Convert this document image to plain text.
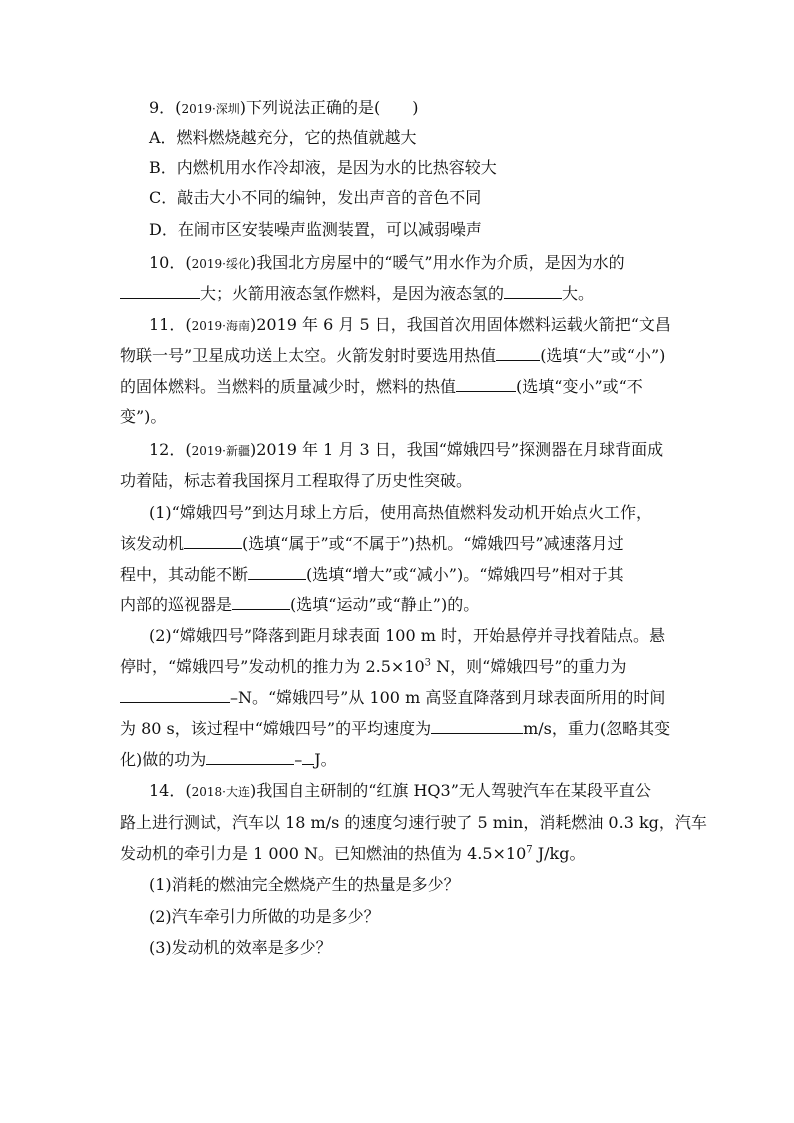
9．(2019·深圳)下列说法正确的是(　　)
A．燃料燃烧越充分，它的热值就越大
B．内燃机用水作冷却液，是因为水的比热容较大
C．敲击大小不同的编钟，发出声音的音色不同
D．在闹市区安装噪声监测装置，可以减弱噪声
10．(2019·绥化)我国北方房屋中的“暖气”用水作为介质，是因为水的
大；火箭用液态氢作燃料，是因为液态氢的	大。
11．(2019·海南)2019 年 6 月 5 日，我国首次用固体燃料运载火箭把“文昌
物联一号”卫星成功送上太空。火箭发射时要选用热值	(选填“大”或“小”)
的固体燃料。当燃料的质量减少时，燃料的热值	(选填“变小”或“不
变”)。
12．(2019·新疆)2019 年 1 月 3 日，我国“嫦娥四号”探测器在月球背面成
功着陆，标志着我国探月工程取得了历史性突破。
(1)“嫦娥四号”到达月球上方后，使用高热值燃料发动机开始点火工作，
该发动机	(选填“属于”或“不属于”)热机。“嫦娥四号”减速落月过
程中，其动能不断	(选填“增大”或“减小”)。“嫦娥四号”相对于其
内部的巡视器是	(选填“运动”或“静止”)的。
(2)“嫦娥四号”降落到距月球表面 100 m 时，开始悬停并寻找着陆点。悬
停时，“嫦娥四号”发动机的推力为 $2.5\times 10^3$ N，则“嫦娥四号”的重力为
–N。“嫦娥四号”从 100 m 高竖直降落到月球表面所用的时间
为 80 s，该过程中“嫦娥四号”的平均速度为	m/s，重力(忽略其变
化)做的功为	– J。
14．(2018·大连)我国自主研制的“红旗 HQ3”无人驾驶汽车在某段平直公
路上进行测试，汽车以 18 m/s 的速度匀速行驶了 5 min，消耗燃油 0.3 kg，汽车
发动机的牵引力是 1 000 N。已知燃油的热值为 $4.5\times 10^7$ J/kg。
(1)消耗的燃油完全燃烧产生的热量是多少？
(2)汽车牵引力所做的功是多少？
(3)发动机的效率是多少？
